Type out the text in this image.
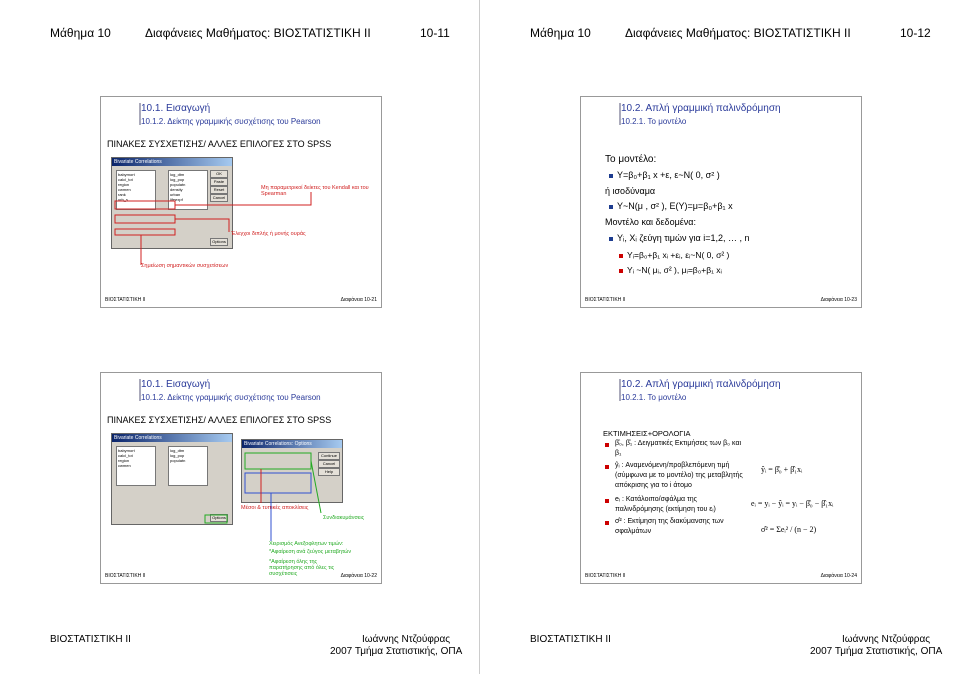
Μάθημα 10	Διαφάνειες Μαθήματος: ΒΙΟΣΤΑΤΙΣΤΙΚΗ ΙΙ	10-11
10.1. Εισαγωγή
10.1.2. Δείκτης γραμμικής συσχέτισης του Pearson
ΠΙΝΑΚΕΣ ΣΥΣΧΕΤΙΣΗΣ/ ΑΛΛΕΣ ΕΠΙΛΟΓΕΣ ΣΤΟ SPSS
Bivariate Correlations
babymort
calcl_tot
region
cwmen
rank
urb_s
log_dtm
log_pop
populatn
density
urban
lifeexpf
OK
Paste
Reset
Cancel
Options
Μη παραμετρικοί δείκτες του Kendall και του Spearman
Έλεγχοι διπλής ή μονής ουράς
Σημείωση σημαντικών συσχετίσεων
ΒΙΟΣΤΑΤΙΣΤΙΚΗ ΙΙ	Διαφάνεια 10-21
10.1. Εισαγωγή
10.1.2. Δείκτης γραμμικής συσχέτισης του Pearson
ΠΙΝΑΚΕΣ ΣΥΣΧΕΤΙΣΗΣ/ ΑΛΛΕΣ ΕΠΙΛΟΓΕΣ ΣΤΟ SPSS
Bivariate Correlations
babymort
calcl_tot
region
cwmen
log_dtm
log_pop
populatn
Options
Bivariate Correlations: Options
Continue
Cancel
Help
Μέσοι & τυπικές αποκλίσεις
Συνδιακυμάνσεις
Χειρισμός Ανεξοφλητων τιμών:
*Αφαίρεση ανά ζεύγος μεταβητών
*Αφαίρεση όλης της παρατήρησης από όλες τις συσχέτισεις
ΒΙΟΣΤΑΤΙΣΤΙΚΗ ΙΙ	Διαφάνεια 10-22
ΒΙΟΣΤΑΤΙΣΤΙΚΗ ΙΙ	Ιωάννης Ντζούφρας
2007 Τμήμα Στατιστικής, ΟΠΑ
Μάθημα 10	Διαφάνειες Μαθήματος: ΒΙΟΣΤΑΤΙΣΤΙΚΗ ΙΙ	10-12
10.2. Απλή γραμμική παλινδρόμηση
10.2.1. Το μοντέλο
Το μοντέλο:
Y=β₀+β₁ x +ε, ε~N( 0, σ² )
ή ισοδύναμα
Y~N(μ , σ² ), E(Y)=μ=β₀+β₁ x
Μοντέλο και δεδομένα:
Yᵢ, Xᵢ ζεύγη τιμών για i=1,2, … , n
Yᵢ=β₀+β₁ xᵢ +εᵢ, εᵢ~N( 0, σ² )
Yᵢ ~N( μᵢ, σ² ), μᵢ=β₀+β₁ xᵢ
ΒΙΟΣΤΑΤΙΣΤΙΚΗ ΙΙ	Διαφάνεια 10-23
10.2. Απλή γραμμική παλινδρόμηση
10.2.1. Το μοντέλο
ΕΚΤΙΜΗΣΕΙΣ+ΟΡΟΛΟΓΙΑ
β̂₀, β̂₁ : Δειγματικές Εκτιμήσεις των β₀ και β₁
ŷᵢ : Αναμενόμενη/προβλεπόμενη τιμή (σύμφωνα με το μοντέλο) της μεταβλητής απόκρισης για το i άτομο
eᵢ : Κατάλοιπο/σφάλμα της παλινδρόμησης (εκτίμηση του εᵢ)
σ̂² : Εκτίμηση της διακύμανσης των σφαλμάτων
ŷᵢ = β̂₀ + β̂₁xᵢ
eᵢ = yᵢ − ŷᵢ = yᵢ − β̂₀ − β̂₁xᵢ
σ̂² = Σeᵢ² / (n − 2)
ΒΙΟΣΤΑΤΙΣΤΙΚΗ ΙΙ	Διαφάνεια 10-24
ΒΙΟΣΤΑΤΙΣΤΙΚΗ ΙΙ	Ιωάννης Ντζούφρας
2007 Τμήμα Στατιστικής, ΟΠΑ
